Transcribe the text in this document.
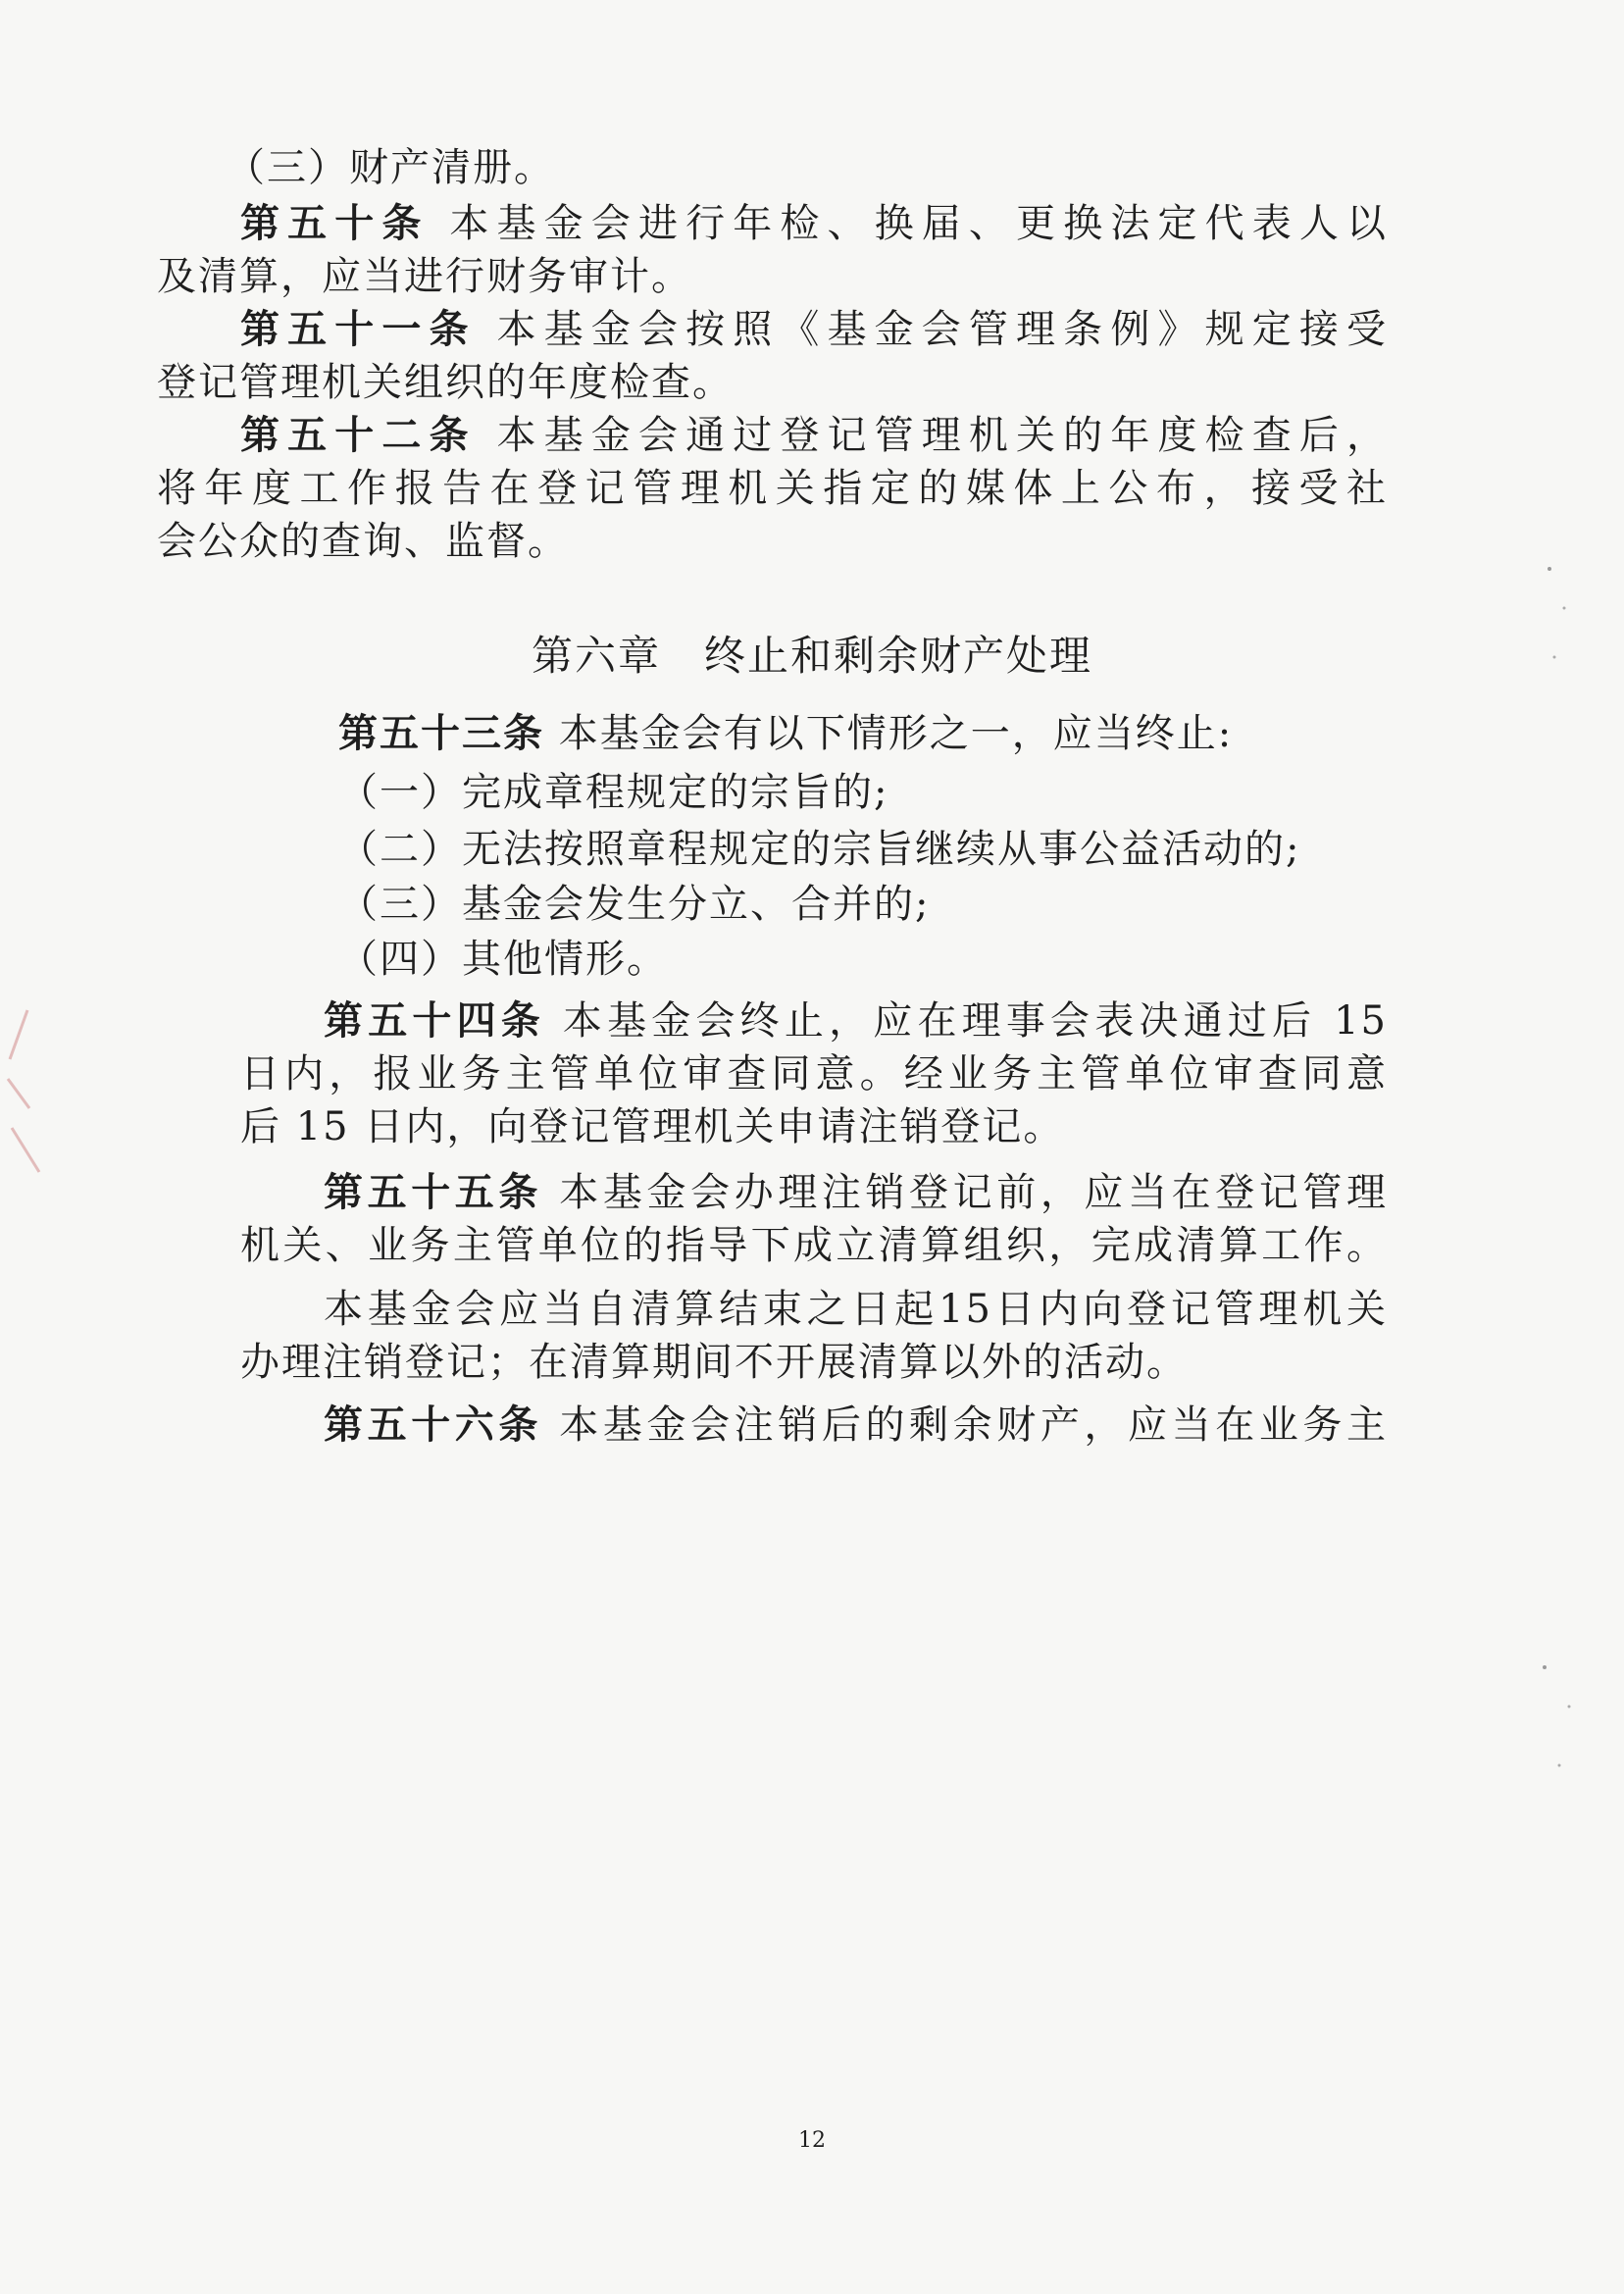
（三）财产清册。
第五十条 本基金会进行年检、换届、更换法定代表人以
及清算，应当进行财务审计。
第五十一条 本基金会按照《基金会管理条例》规定接受
登记管理机关组织的年度检查。
第五十二条 本基金会通过登记管理机关的年度检查后，
将年度工作报告在登记管理机关指定的媒体上公布，接受社
会公众的查询、监督。
第六章　终止和剩余财产处理
第五十三条 本基金会有以下情形之一，应当终止:
（一）完成章程规定的宗旨的;
（二）无法按照章程规定的宗旨继续从事公益活动的;
（三）基金会发生分立、合并的;
（四）其他情形。
第五十四条 本基金会终止，应在理事会表决通过后 15
日内，报业务主管单位审查同意。经业务主管单位审查同意
后 15 日内，向登记管理机关申请注销登记。
第五十五条 本基金会办理注销登记前，应当在登记管理
机关、业务主管单位的指导下成立清算组织，完成清算工作。
本基金会应当自清算结束之日起15日内向登记管理机关
办理注销登记；在清算期间不开展清算以外的活动。
第五十六条 本基金会注销后的剩余财产，应当在业务主
12
